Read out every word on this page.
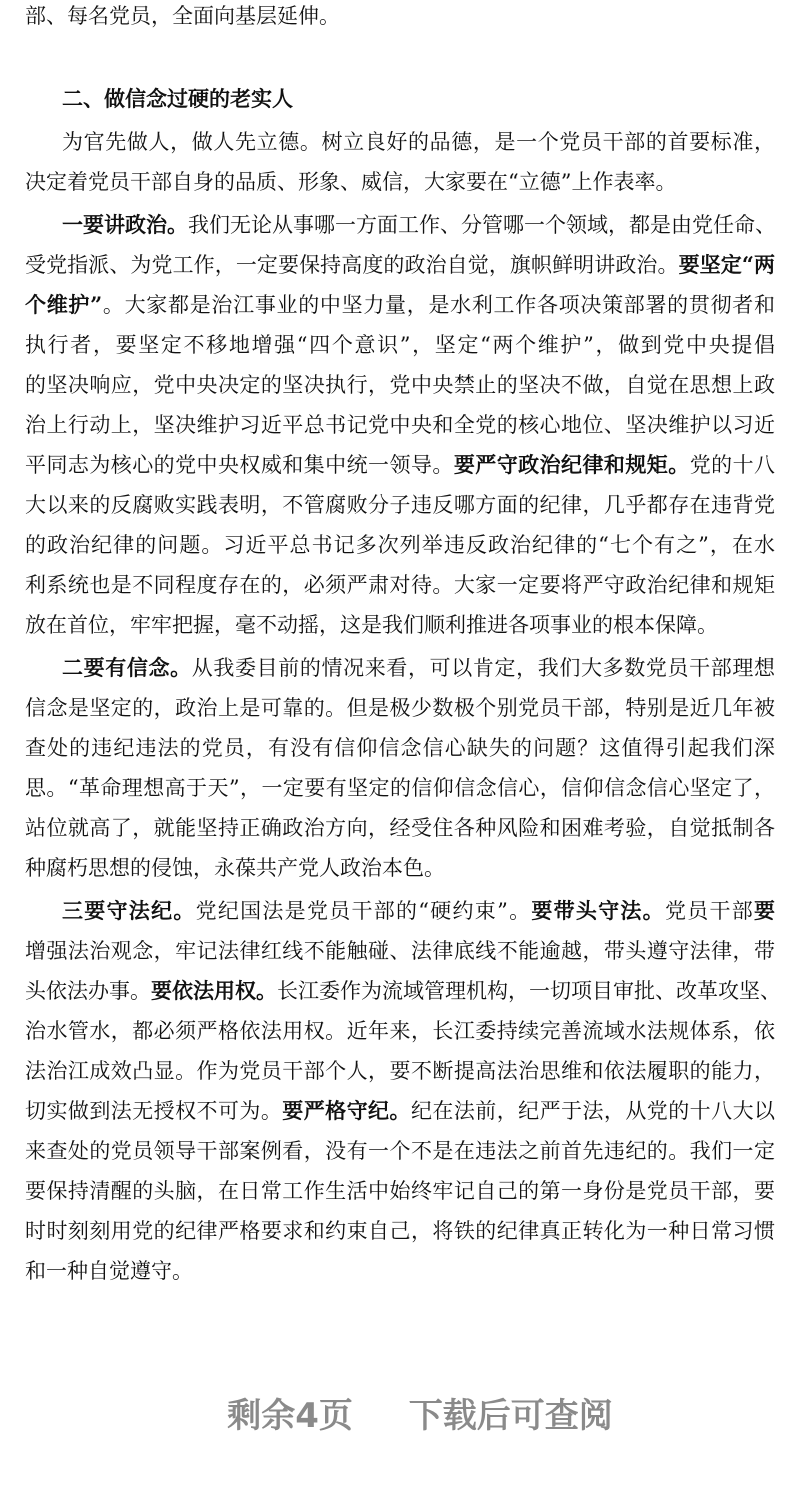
部、每名党员，全面向基层延伸。
二、做信念过硬的老实人
为官先做人，做人先立德。树立良好的品德，是一个党员干部的首要标准，
决定着党员干部自身的品质、形象、威信，大家要在“立德”上作表率。
一要讲政治。我们无论从事哪一方面工作、分管哪一个领域，都是由党任命、
受党指派、为党工作，一定要保持高度的政治自觉，旗帜鲜明讲政治。要坚定“两
个维护”。大家都是治江事业的中坚力量，是水利工作各项决策部署的贯彻者和
执行者，要坚定不移地增强“四个意识”，坚定“两个维护”，做到党中央提倡
的坚决响应，党中央决定的坚决执行，党中央禁止的坚决不做，自觉在思想上政
治上行动上，坚决维护习近平总书记党中央和全党的核心地位、坚决维护以习近
平同志为核心的党中央权威和集中统一领导。要严守政治纪律和规矩。党的十八
大以来的反腐败实践表明，不管腐败分子违反哪方面的纪律，几乎都存在违背党
的政治纪律的问题。习近平总书记多次列举违反政治纪律的“七个有之”，在水
利系统也是不同程度存在的，必须严肃对待。大家一定要将严守政治纪律和规矩
放在首位，牢牢把握，毫不动摇，这是我们顺利推进各项事业的根本保障。
二要有信念。从我委目前的情况来看，可以肯定，我们大多数党员干部理想
信念是坚定的，政治上是可靠的。但是极少数极个别党员干部，特别是近几年被
查处的违纪违法的党员，有没有信仰信念信心缺失的问题？这值得引起我们深
思。“革命理想高于天”，一定要有坚定的信仰信念信心，信仰信念信心坚定了，
站位就高了，就能坚持正确政治方向，经受住各种风险和困难考验，自觉抵制各
种腐朽思想的侵蚀，永葆共产党人政治本色。
三要守法纪。党纪国法是党员干部的“硬约束”。要带头守法。党员干部要
增强法治观念，牢记法律红线不能触碰、法律底线不能逾越，带头遵守法律，带
头依法办事。要依法用权。长江委作为流域管理机构，一切项目审批、改革攻坚、
治水管水，都必须严格依法用权。近年来，长江委持续完善流域水法规体系，依
法治江成效凸显。作为党员干部个人，要不断提高法治思维和依法履职的能力，
切实做到法无授权不可为。要严格守纪。纪在法前，纪严于法，从党的十八大以
来查处的党员领导干部案例看，没有一个不是在违法之前首先违纪的。我们一定
要保持清醒的头脑，在日常工作生活中始终牢记自己的第一身份是党员干部，要
时时刻刻用党的纪律严格要求和约束自己，将铁的纪律真正转化为一种日常习惯
和一种自觉遵守。
剩余4页 下载后可查阅
